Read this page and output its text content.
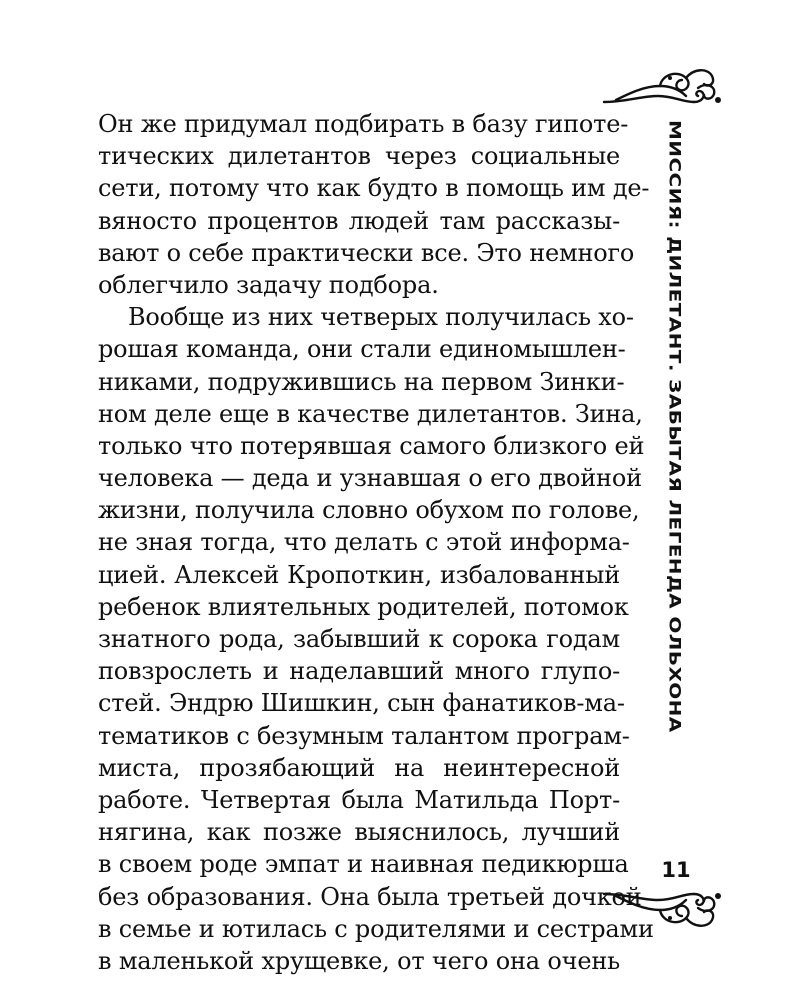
МИССИЯ: ДИЛЕТАНТ. ЗАБЫТАЯ ЛЕГЕНДА ОЛЬХОНА
Он же придумал подбирать в базу гипоте-
тических дилетантов через социальные
сети, потому что как будто в помощь им де-
вяносто процентов людей там рассказы-
вают о себе практически все. Это немного
облегчило задачу подбора.
Вообще из них четверых получилась хо-
рошая команда, они стали единомышлен-
никами, подружившись на первом Зинки-
ном деле еще в качестве дилетантов. Зина,
только что потерявшая самого близкого ей
человека — деда и узнавшая о его двойной
жизни, получила словно обухом по голове,
не зная тогда, что делать с этой информа-
цией. Алексей Кропоткин, избалованный
ребенок влиятельных родителей, потомок
знатного рода, забывший к сорока годам
повзрослеть и наделавший много глупо-
стей. Эндрю Шишкин, сын фанатиков-ма-
тематиков с безумным талантом програм-
миста, прозябающий на неинтересной
работе. Четвертая была Матильда Порт-
нягина, как позже выяснилось, лучший
в своем роде эмпат и наивная педикюрша
без образования. Она была третьей дочкой
в семье и ютилась с родителями и сестрами
в маленькой хрущевке, от чего она очень
11
